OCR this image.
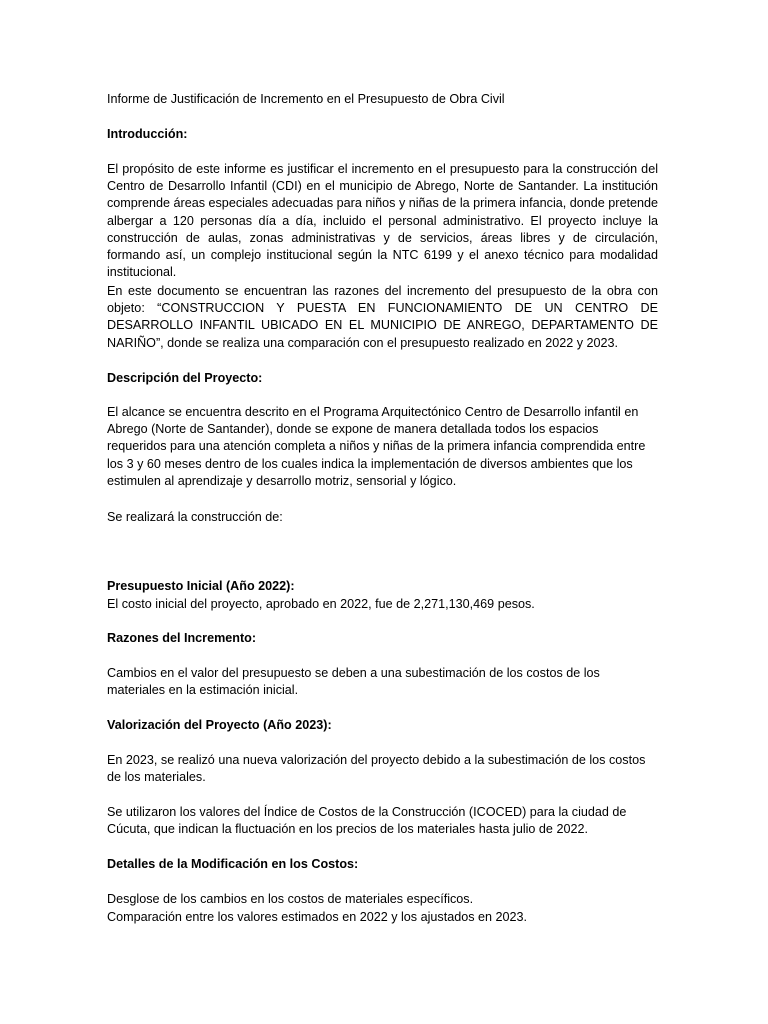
Informe de Justificación de Incremento en el Presupuesto de Obra Civil

Introducción:

El propósito de este informe es justificar el incremento en el presupuesto para la construcción del Centro de Desarrollo Infantil (CDI) en el municipio de Abrego, Norte de Santander. La institución comprende áreas especiales adecuadas para niños y niñas de la primera infancia, donde pretende albergar a 120 personas día a día, incluido el personal administrativo. El proyecto incluye la construcción de aulas, zonas administrativas y de servicios, áreas libres y de circulación, formando así, un complejo institucional según la NTC 6199 y el anexo técnico para modalidad institucional.

En este documento se encuentran las razones del incremento del presupuesto de la obra con objeto: “CONSTRUCCION Y PUESTA EN FUNCIONAMIENTO DE UN CENTRO DE DESARROLLO INFANTIL UBICADO EN EL MUNICIPIO DE ANREGO, DEPARTAMENTO DE NARIÑO”, donde se realiza una comparación con el presupuesto realizado en 2022 y 2023.

Descripción del Proyecto:

El alcance se encuentra descrito en el Programa Arquitectónico Centro de Desarrollo infantil en Abrego (Norte de Santander), donde se expone de manera detallada todos los espacios requeridos para una atención completa a niños y niñas de la primera infancia comprendida entre los 3 y 60 meses dentro de los cuales indica la implementación de diversos ambientes que los estimulen al aprendizaje y desarrollo motriz, sensorial y lógico.

Se realizará la construcción de:

Presupuesto Inicial (Año 2022):

El costo inicial del proyecto, aprobado en 2022, fue de 2,271,130,469 pesos.

Razones del Incremento:

Cambios en el valor del presupuesto se deben a una subestimación de los costos de los materiales en la estimación inicial.

Valorización del Proyecto (Año 2023):

En 2023, se realizó una nueva valorización del proyecto debido a la subestimación de los costos de los materiales.

Se utilizaron los valores del Índice de Costos de la Construcción (ICOCED) para la ciudad de Cúcuta, que indican la fluctuación en los precios de los materiales hasta julio de 2022.

Detalles de la Modificación en los Costos:

Desglose de los cambios en los costos de materiales específicos.

Comparación entre los valores estimados en 2022 y los ajustados en 2023.
